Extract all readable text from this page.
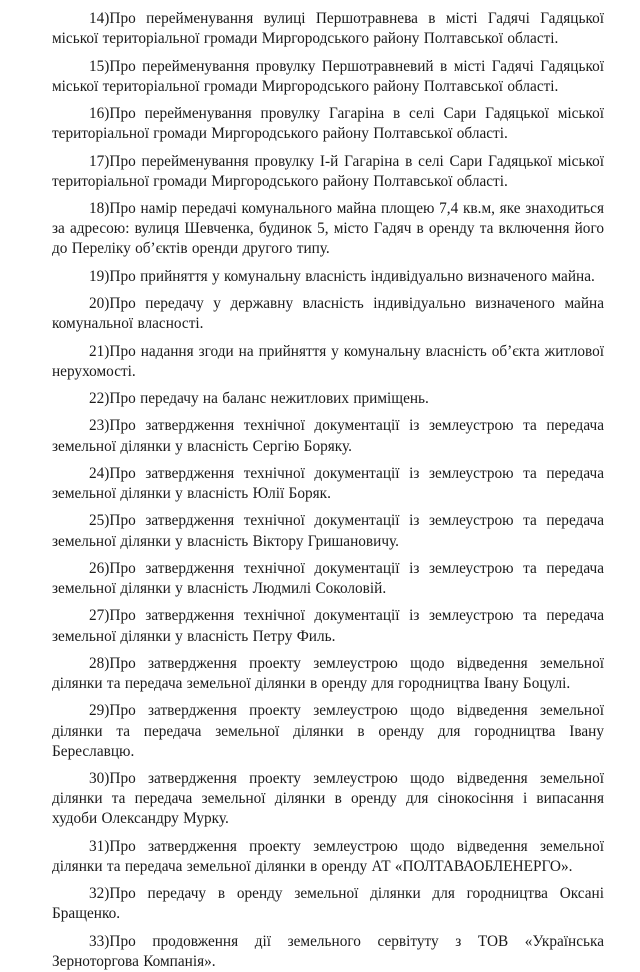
14 ) Про перейменування вулиці Першотравнева в місті Гадячі Гадяцької міської територіальної громади Миргородського району Полтавської області.
15 ) Про перейменування провулку Першотравневий в місті Гадячі Гадяцької міської територіальної громади Миргородського району Полтавської області.
16 ) Про перейменування провулку Гагаріна в селі Сари Гадяцької міської територіальної громади Миргородського району Полтавської області.
17 ) Про перейменування провулку І-й Гагаріна в селі Сари Гадяцької міської територіальної громади Миргородського району Полтавської області.
18 ) Про намір передачі комунального майна площею 7,4 кв.м, яке знаходиться за адресою: вулиця Шевченка, будинок 5, місто Гадяч в оренду та включення його до Переліку об’єктів оренди другого типу.
19 ) Про прийняття у комунальну власність індивідуально визначеного майна.
20 ) Про передачу у державну власність індивідуально визначеного майна комунальної власності.
21 ) Про надання згоди на прийняття у комунальну власність об’єкта житлової нерухомості.
22 ) Про передачу на баланс нежитлових приміщень.
23 ) Про затвердження технічної документації із землеустрою та передача земельної ділянки у власність Сергію Боряку.
24 ) Про затвердження технічної документації із землеустрою та передача земельної ділянки у власність Юлії Боряк.
25 ) Про затвердження технічної документації із землеустрою та передача земельної ділянки у власність Віктору Гришановичу.
26 ) Про затвердження технічної документації із землеустрою та передача земельної ділянки у власність Людмилі Соколовій.
27 ) Про затвердження технічної документації із землеустрою та передача земельної ділянки у власність Петру Филь.
28 ) Про затвердження проекту землеустрою щодо відведення земельної ділянки та передача земельної ділянки в оренду для городництва Івану Боцулі.
29 ) Про затвердження проекту землеустрою щодо відведення земельної ділянки та передача земельної ділянки в оренду для городництва Івану Береславцю.
30 ) Про затвердження проекту землеустрою щодо відведення земельної ділянки та передача земельної ділянки в оренду для сінокосіння і випасання худоби Олександру Мурку.
31 ) Про затвердження проекту землеустрою щодо відведення земельної ділянки та передача земельної ділянки в оренду АТ «ПОЛТАВАОБЛЕНЕРГО».
32 ) Про передачу в оренду земельної ділянки для городництва Оксані Бращенко.
33 ) Про продовження дії земельного сервітуту з ТОВ «Українська Зерноторгова Компанія».
